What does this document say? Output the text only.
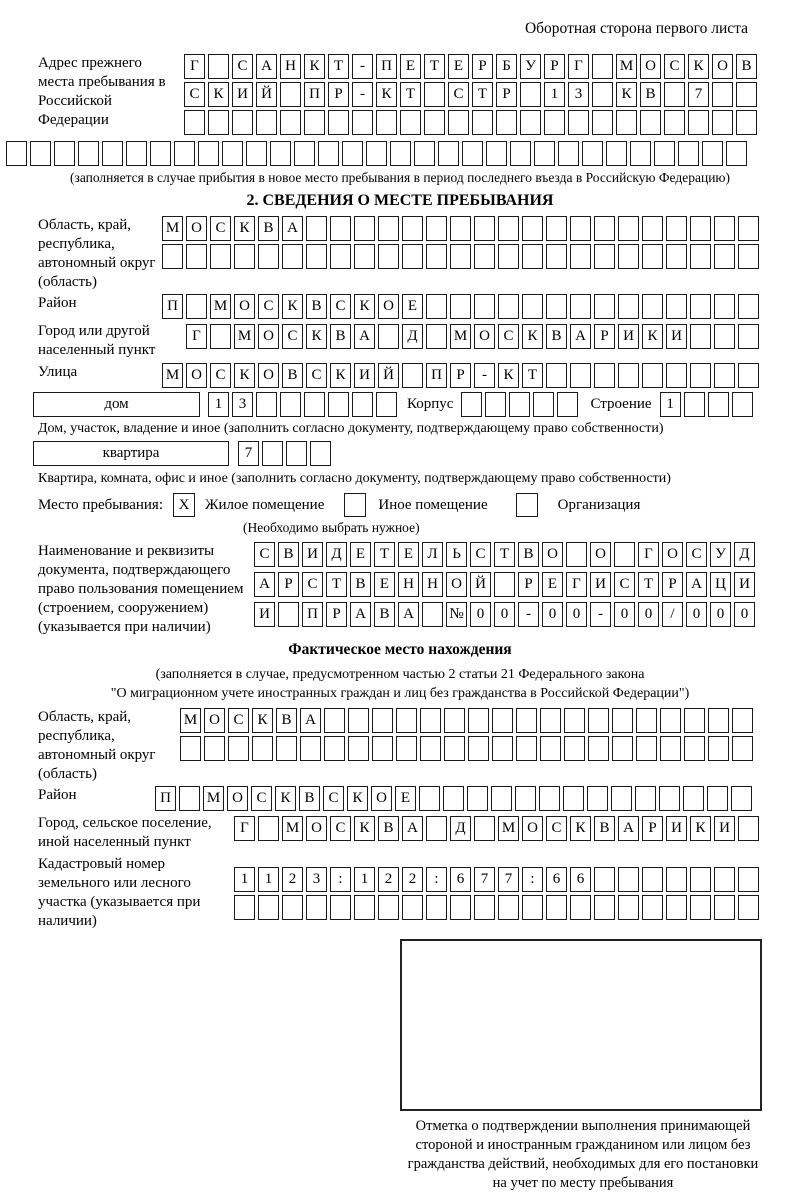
Оборотная сторона первого листа
Адрес прежнего места пребывания в Российской Федерации
Г	С А Н К Т	-	П Е Т Е	Р	Б У Р	Г	М О С К О В
С К И Й	П Р	-	К Т	С Т	Р	1	3	К В	7
(заполняется в случае прибытия в новое место пребывания в период последнего въезда в Российскую Федерацию)
2. СВЕДЕНИЯ О МЕСТЕ ПРЕБЫВАНИЯ
Область, край, республика, автономный округ (область)
М О С К В А
Район	П	М О С К В С К О Е
Город или другой населенный пункт
Г	М О С К В А	Д	М О С К В А Р И К И
Улица	М О С К О В С К И Й	П Р	-	К Т
дом	1	3	Корпус	Строение 1
Дом, участок, владение и иное (заполнить согласно документу, подтверждающему право собственности)
квартира	7
Квартира, комната, офис и иное (заполнить согласно документу, подтверждающему право собственности)
Место пребывания:	X	Жилое помещение	Иное помещение	Организация
(Необходимо выбрать нужное)
Наименование и реквизиты документа, подтверждающего право пользования помещением (строением, сооружением) (указывается при наличии)
С В И Д Е Т Е Л Ь С Т В О	О	Г О С У Д
А Р С Т В Е Н Н О Й	Р	Е	Г И С Т	Р А Ц И
И	П Р А В А	№ 0	0	-	0	0	-	0	0	/	0	0	0
Фактическое место нахождения
(заполняется в случае, предусмотренном частью 2 статьи 21 Федерального закона
"О миграционном учете иностранных граждан и лиц без гражданства в Российской Федерации")
Область, край, республика, автономный округ (область)
М О С К В А
Район	П	М О С К В С К О Е
Город, сельское поселение, иной населенный пункт
Г	М О С К В А	Д	М О С К В А Р И К И
Кадастровый номер земельного или лесного участка (указывается при наличии)
1	1	2	3	:	1	2	2	:	6	7	7	:	6	6
Отметка о подтверждении выполнения принимающей
стороной и иностранным гражданином или лицом без
гражданства действий, необходимых для его постановки
на учет по месту пребывания
